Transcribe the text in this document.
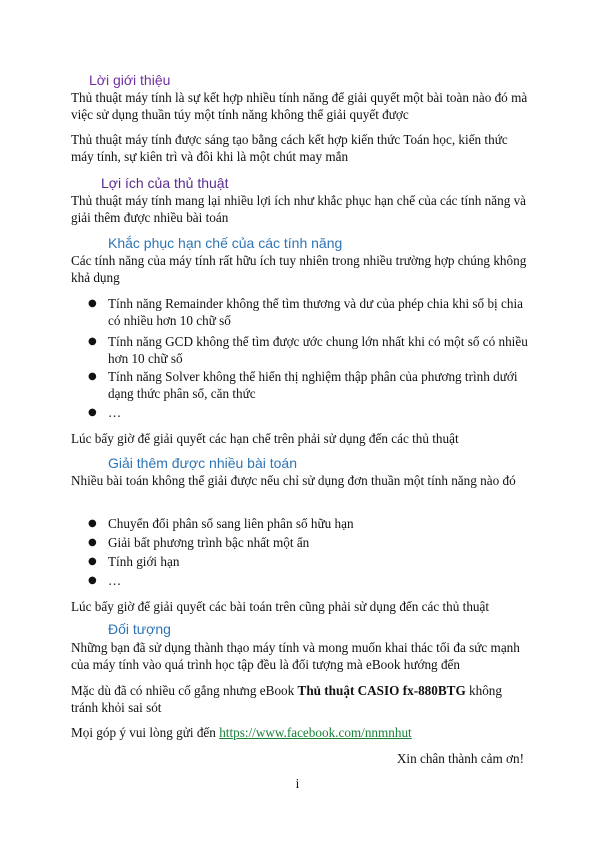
Lời giới thiệu
Thủ thuật máy tính là sự kết hợp nhiều tính năng để giải quyết một bài toàn nào đó mà việc sử dụng thuần túy một tính năng không thể giải quyết được
Thủ thuật máy tính được sáng tạo bằng cách kết hợp kiến thức Toán học, kiến thức máy tính, sự kiên trì và đôi khi là một chút may mắn
Lợi ích của thủ thuật
Thủ thuật máy tính mang lại nhiều lợi ích như khắc phục hạn chế của các tính năng và giải thêm được nhiều bài toán
Khắc phục hạn chế của các tính năng
Các tính năng của máy tính rất hữu ích tuy nhiên trong nhiều trường hợp chúng không khả dụng
● Tính năng Remainder không thể tìm thương và dư của phép chia khi số bị chia có nhiều hơn 10 chữ số
● Tính năng GCD không thể tìm được ước chung lớn nhất khi có một số có nhiều hơn 10 chữ số
● Tính năng Solver không thể hiển thị nghiệm thập phân của phương trình dưới dạng thức phân số, căn thức
● …
Lúc bấy giờ để giải quyết các hạn chế trên phải sử dụng đến các thủ thuật
Giải thêm được nhiều bài toán
Nhiều bài toán không thể giải được nếu chỉ sử dụng đơn thuần một tính năng nào đó
● Chuyển đổi phân số sang liên phân số hữu hạn
● Giải bất phương trình bậc nhất một ẩn
● Tính giới hạn
● …
Lúc bấy giờ để giải quyết các bài toán trên cũng phải sử dụng đến các thủ thuật
Đối tượng
Những bạn đã sử dụng thành thạo máy tính và mong muốn khai thác tối đa sức mạnh của máy tính vào quá trình học tập đều là đối tượng mà eBook hướng đến
Mặc dù đã có nhiều cố gắng nhưng eBook Thủ thuật CASIO fx-880BTG không tránh khỏi sai sót
Mọi góp ý vui lòng gửi đến https://www.facebook.com/nnmnhut
Xin chân thành cảm ơn!
i
